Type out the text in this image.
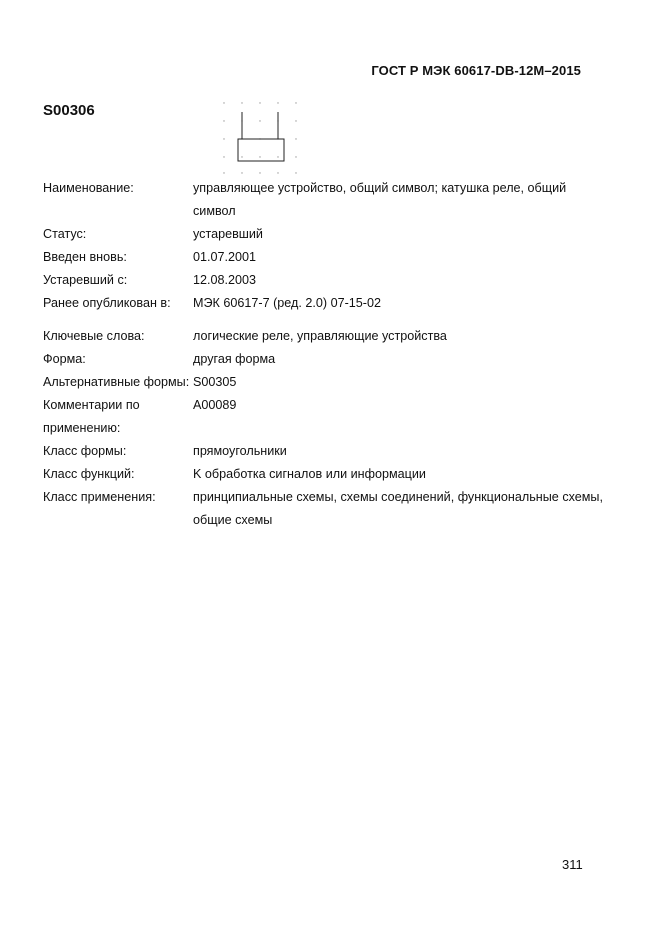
ГОСТ Р МЭК 60617-DB-12M–2015
S00306
Наименование:	управляющее устройство, общий символ; катушка реле, общий символ
Статус:	устаревший
Введен вновь:	01.07.2001
Устаревший с:	12.08.2003
Ранее опубликован в:	МЭК 60617-7 (ред. 2.0) 07-15-02
Ключевые слова:	логические реле, управляющие устройства
Форма:	другая форма
Альтернативные формы: S00305
Комментарии по применению:
A00089
Класс формы:	прямоугольники
Класс функций:	K обработка сигналов или информации
Класс применения:	принципиальные схемы, схемы соединений, функциональные схемы, общие схемы
311
